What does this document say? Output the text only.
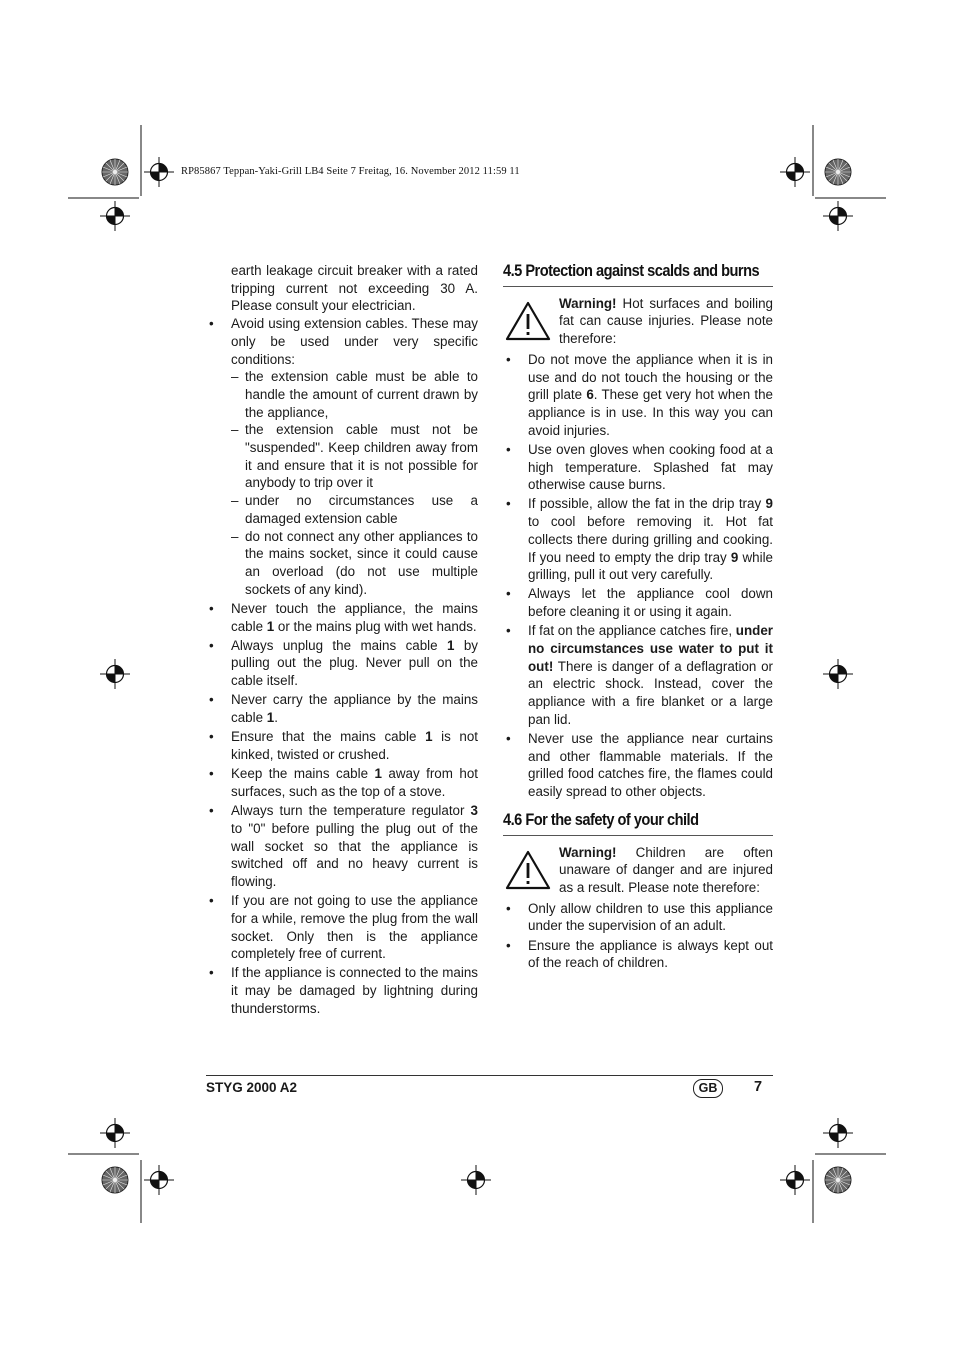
RP85867 Teppan-Yaki-Grill LB4 Seite 7 Freitag, 16. November 2012 11:59 11

earth leakage circuit breaker with a rated tripping current not exceeding 30 A. Please consult your electrician.

• Avoid using extension cables. These may only be used under very specific conditions:
– the extension cable must be able to handle the amount of current drawn by the appliance,
– the extension cable must not be "suspended". Keep children away from it and ensure that it is not possible for anybody to trip over it
– under no circumstances use a damaged extension cable
– do not connect any other appliances to the mains socket, since it could cause an overload (do not use multiple sockets of any kind).
• Never touch the appliance, the mains cable 1 or the mains plug with wet hands.
• Always unplug the mains cable 1 by pulling out the plug. Never pull on the cable itself.
• Never carry the appliance by the mains cable 1.
• Ensure that the mains cable 1 is not kinked, twisted or crushed.
• Keep the mains cable 1 away from hot surfaces, such as the top of a stove.
• Always turn the temperature regulator 3 to "0" before pulling the plug out of the wall socket so that the appliance is switched off and no heavy current is flowing.
• If you are not going to use the appliance for a while, remove the plug from the wall socket. Only then is the appliance completely free of current.
• If the appliance is connected to the mains it may be damaged by lightning during thunderstorms.
4.5 Protection against scalds and burns

Warning! Hot surfaces and boiling fat can cause injuries. Please note therefore:

• Do not move the appliance when it is in use and do not touch the housing or the grill plate 6. These get very hot when the appliance is in use. In this way you can avoid injuries.
• Use oven gloves when cooking food at a high temperature. Splashed fat may otherwise cause burns.
• If possible, allow the fat in the drip tray 9 to cool before removing it. Hot fat collects there during grilling and cooking. If you need to empty the drip tray 9 while grilling, pull it out very carefully.
• Always let the appliance cool down before cleaning it or using it again.
• If fat on the appliance catches fire, under no circumstances use water to put it out! There is danger of a deflagration or an electric shock. Instead, cover the appliance with a fire blanket or a large pan lid.
• Never use the appliance near curtains and other flammable materials. If the grilled food catches fire, the flames could easily spread to other objects.
4.6 For the safety of your child

Warning! Children are often unaware of danger and are injured as a result. Please note therefore:

• Only allow children to use this appliance under the supervision of an adult.
• Ensure the appliance is always kept out of the reach of children.
STYG 2000 A2	GB	7
